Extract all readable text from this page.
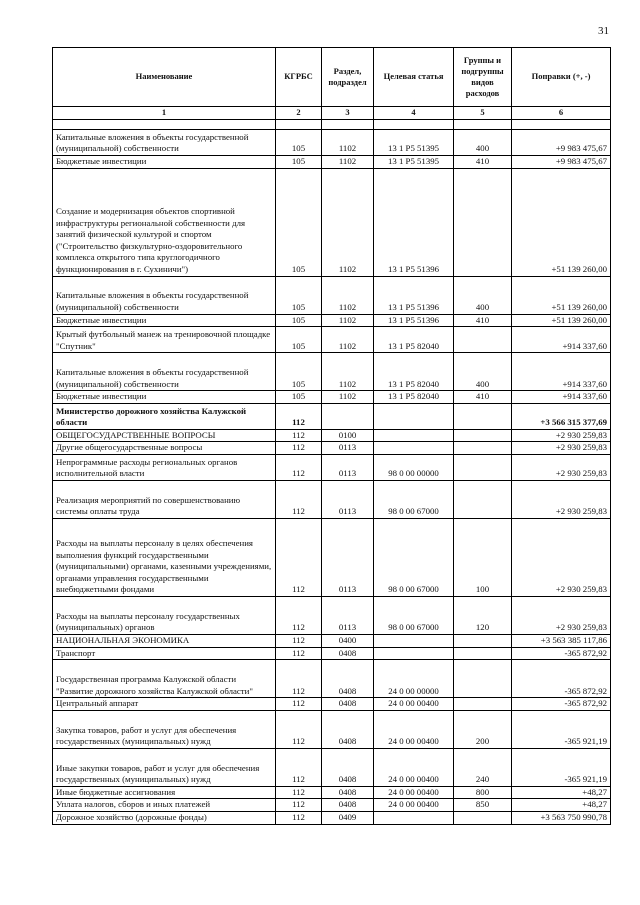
31
Наименование	КГРБС	Раздел, подраздел	Целевая статья	Группы и подгруппы видов расходов	Поправки (+, -)
1	2	3	4	5	6

Капитальные вложения в объекты государственной (муниципальной) собственности	105	1102	13 1 P5 51395	400	+9 983 475,67
Бюджетные инвестиции	105	1102	13 1 P5 51395	410	+9 983 475,67
Создание и модернизация объектов спортивной инфраструктуры региональной собственности для занятий физической культурой и спортом ("Строительство физкультурно-оздоровительного комплекса открытого типа круглогодичного функционирования в г. Сухиничи")	105	1102	13 1 P5 51396		+51 139 260,00
Капитальные вложения в объекты государственной (муниципальной) собственности	105	1102	13 1 P5 51396	400	+51 139 260,00
Бюджетные инвестиции	105	1102	13 1 P5 51396	410	+51 139 260,00
Крытый футбольный манеж на тренировочной площадке "Спутник"	105	1102	13 1 P5 82040		+914 337,60
Капитальные вложения в объекты государственной (муниципальной) собственности	105	1102	13 1 P5 82040	400	+914 337,60
Бюджетные инвестиции	105	1102	13 1 P5 82040	410	+914 337,60
Министерство дорожного хозяйства Калужской области	112				+3 566 315 377,69
ОБЩЕГОСУДАРСТВЕННЫЕ ВОПРОСЫ	112	0100			+2 930 259,83
Другие общегосударственные вопросы	112	0113			+2 930 259,83
Непрограммные расходы региональных органов исполнительной власти	112	0113	98 0 00 00000		+2 930 259,83
Реализация мероприятий по совершенствованию системы оплаты труда	112	0113	98 0 00 67000		+2 930 259,83
Расходы на выплаты персоналу в целях обеспечения выполнения функций государственными (муниципальными) органами, казенными учреждениями, органами управления государственными внебюджетными фондами	112	0113	98 0 00 67000	100	+2 930 259,83
Расходы на выплаты персоналу государственных (муниципальных) органов	112	0113	98 0 00 67000	120	+2 930 259,83
НАЦИОНАЛЬНАЯ ЭКОНОМИКА	112	0400			+3 563 385 117,86
Транспорт	112	0408			-365 872,92
Государственная программа Калужской области "Развитие дорожного хозяйства Калужской области"	112	0408	24 0 00 00000		-365 872,92
Центральный аппарат	112	0408	24 0 00 00400		-365 872,92
Закупка товаров, работ и услуг для обеспечения государственных (муниципальных) нужд	112	0408	24 0 00 00400	200	-365 921,19
Иные закупки товаров, работ и услуг для обеспечения государственных (муниципальных) нужд	112	0408	24 0 00 00400	240	-365 921,19
Иные бюджетные ассигнования	112	0408	24 0 00 00400	800	+48,27
Уплата налогов, сборов и иных платежей	112	0408	24 0 00 00400	850	+48,27
Дорожное хозяйство (дорожные фонды)	112	0409			+3 563 750 990,78
